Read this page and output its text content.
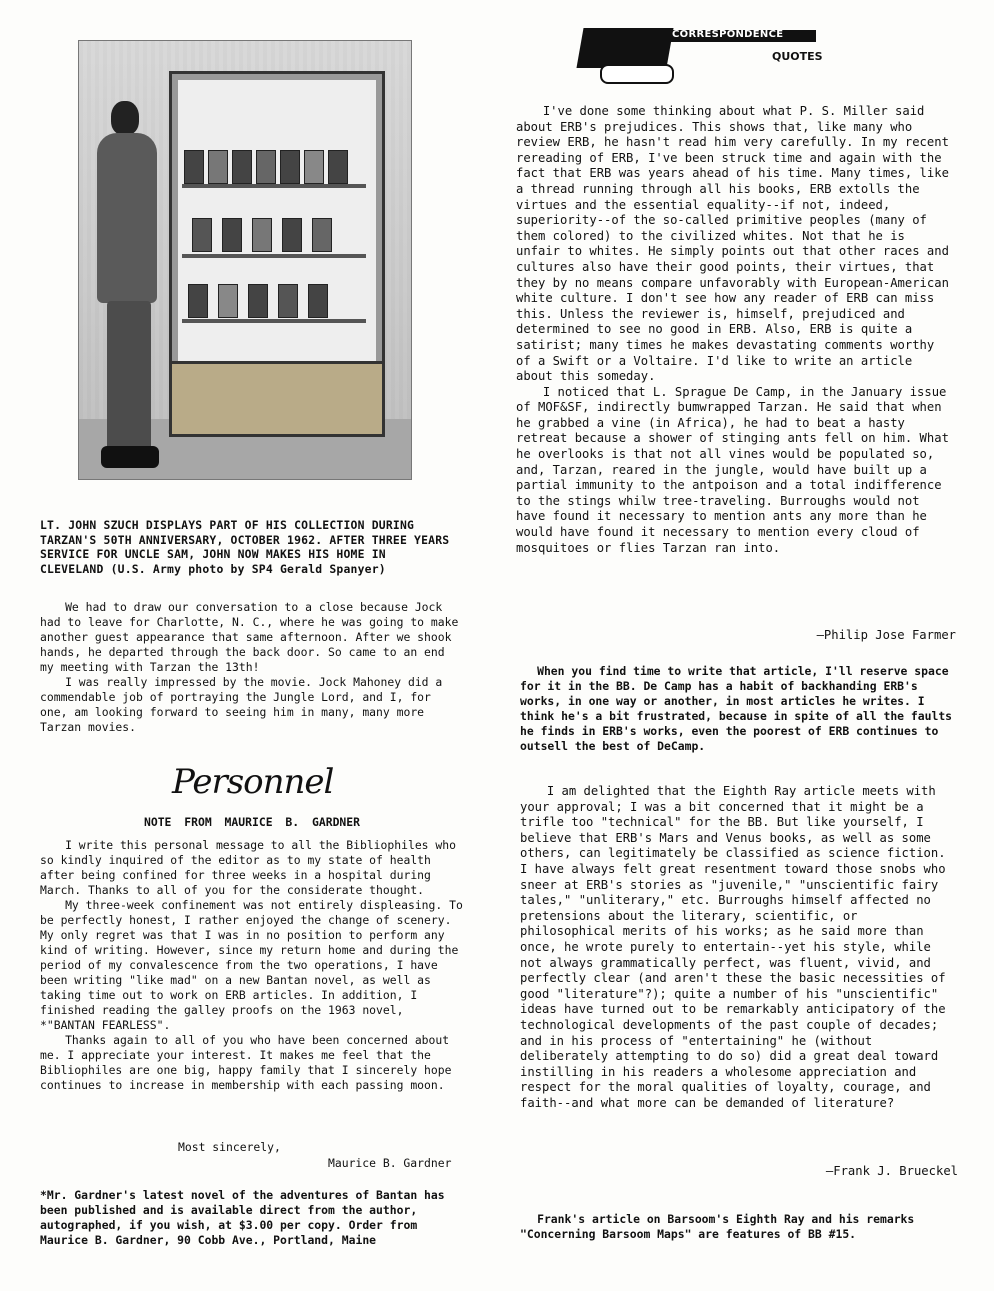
LT. JOHN SZUCH DISPLAYS PART OF HIS COLLECTION DURING TARZAN'S 50TH ANNIVERSARY, OCTOBER 1962. AFTER THREE YEARS SERVICE FOR UNCLE SAM, JOHN NOW MAKES HIS HOME IN CLEVELAND (U.S. Army photo by SP4 Gerald Spanyer)

We had to draw our conversation to a close because Jock had to leave for Charlotte, N. C., where he was going to make another guest appearance that same afternoon. After we shook hands, he departed through the back door. So came to an end my meeting with Tarzan the 13th!

I was really impressed by the movie. Jock Mahoney did a commendable job of portraying the Jungle Lord, and I, for one, am looking forward to seeing him in many, many more Tarzan movies.

Personnel
NOTE FROM MAURICE B. GARDNER

I write this personal message to all the Bibliophiles who so kindly inquired of the editor as to my state of health after being confined for three weeks in a hospital during March. Thanks to all of you for the considerate thought.

My three-week confinement was not entirely displeasing. To be perfectly honest, I rather enjoyed the change of scenery. My only regret was that I was in no position to perform any kind of writing. However, since my return home and during the period of my convalescence from the two operations, I have been writing "like mad" on a new Bantan novel, as well as taking time out to work on ERB articles. In addition, I finished reading the galley proofs on the 1963 novel, *"BANTAN FEARLESS".

Thanks again to all of you who have been concerned about me. I appreciate your interest. It makes me feel that the Bibliophiles are one big, happy family that I sincerely hope continues to increase in membership with each passing moon.

Most sincerely,
Maurice B. Gardner

*Mr. Gardner's latest novel of the adventures of Bantan has been published and is available direct from the author, autographed, if you wish, at $3.00 per copy. Order from Maurice B. Gardner, 90 Cobb Ave., Portland, Maine

CORRESPONDENCE
QUOTES

I've done some thinking about what P. S. Miller said about ERB's prejudices. This shows that, like many who review ERB, he hasn't read him very carefully. In my recent rereading of ERB, I've been struck time and again with the fact that ERB was years ahead of his time. Many times, like a thread running through all his books, ERB extolls the virtues and the essential equality--if not, indeed, superiority--of the so-called primitive peoples (many of them colored) to the civilized whites. Not that he is unfair to whites. He simply points out that other races and cultures also have their good points, their virtues, that they by no means compare unfavorably with European-American white culture. I don't see how any reader of ERB can miss this. Unless the reviewer is, himself, prejudiced and determined to see no good in ERB. Also, ERB is quite a satirist; many times he makes devastating comments worthy of a Swift or a Voltaire. I'd like to write an article about this someday.

I noticed that L. Sprague De Camp, in the January issue of MOF&SF, indirectly bumwrapped Tarzan. He said that when he grabbed a vine (in Africa), he had to beat a hasty retreat because a shower of stinging ants fell on him. What he overlooks is that not all vines would be populated so, and, Tarzan, reared in the jungle, would have built up a partial immunity to the antpoison and a total indifference to the stings whilw tree-traveling. Burroughs would not have found it necessary to mention ants any more than he would have found it necessary to mention every cloud of mosquitoes or flies Tarzan ran into.

—Philip Jose Farmer

When you find time to write that article, I'll reserve space for it in the BB. De Camp has a habit of backhanding ERB's works, in one way or another, in most articles he writes. I think he's a bit frustrated, because in spite of all the faults he finds in ERB's works, even the poorest of ERB continues to outsell the best of DeCamp.

I am delighted that the Eighth Ray article meets with your approval; I was a bit concerned that it might be a trifle too "technical" for the BB. But like yourself, I believe that ERB's Mars and Venus books, as well as some others, can legitimately be classified as science fiction. I have always felt great resentment toward those snobs who sneer at ERB's stories as "juvenile," "unscientific fairy tales," "unliterary," etc. Burroughs himself affected no pretensions about the literary, scientific, or philosophical merits of his works; as he said more than once, he wrote purely to entertain--yet his style, while not always grammatically perfect, was fluent, vivid, and perfectly clear (and aren't these the basic necessities of good "literature"?); quite a number of his "unscientific" ideas have turned out to be remarkably anticipatory of the technological developments of the past couple of decades; and in his process of "entertaining" he (without deliberately attempting to do so) did a great deal toward instilling in his readers a wholesome appreciation and respect for the moral qualities of loyalty, courage, and faith--and what more can be demanded of literature?

—Frank J. Brueckel

Frank's article on Barsoom's Eighth Ray and his remarks "Concerning Barsoom Maps" are features of BB #15.
